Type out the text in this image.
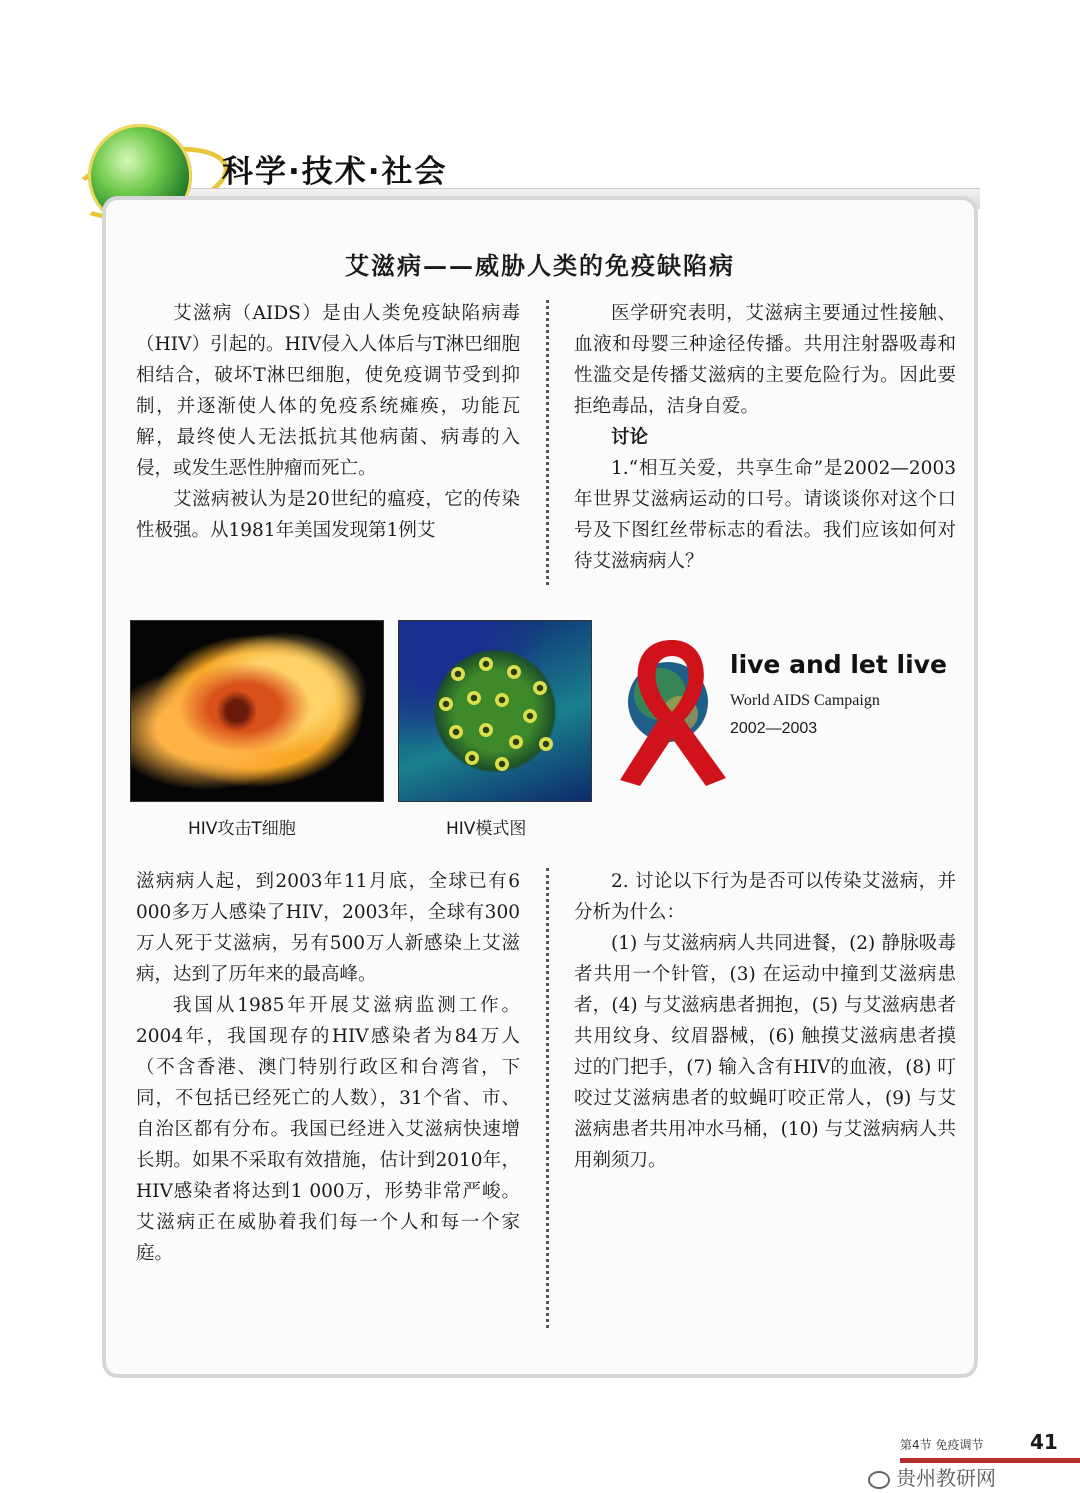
科学·技术·社会
艾滋病——威胁人类的免疫缺陷病

艾滋病（AIDS）是由人类免疫缺陷病毒（HIV）引起的。HIV侵入人体后与T淋巴细胞相结合，破坏T淋巴细胞，使免疫调节受到抑制，并逐渐使人体的免疫系统瘫痪，功能瓦解，最终使人无法抵抗其他病菌、病毒的入侵，或发生恶性肿瘤而死亡。

艾滋病被认为是20世纪的瘟疫，它的传染性极强。从1981年美国发现第1例艾

医学研究表明，艾滋病主要通过性接触、血液和母婴三种途径传播。共用注射器吸毒和性滥交是传播艾滋病的主要危险行为。因此要拒绝毒品，洁身自爱。

讨论

1.“相互关爱，共享生命”是2002—2003年世界艾滋病运动的口号。请谈谈你对这个口号及下图红丝带标志的看法。我们应该如何对待艾滋病病人？

HIV攻击T细胞	HIV模式图
live and let live
World AIDS Campaign
2002—2003

滋病病人起，到2003年11月底，全球已有6 000多万人感染了HIV，2003年，全球有300万人死于艾滋病，另有500万人新感染上艾滋病，达到了历年来的最高峰。

我国从1985年开展艾滋病监测工作。2004年，我国现存的HIV感染者为84万人（不含香港、澳门特别行政区和台湾省，下同，不包括已经死亡的人数），31个省、市、自治区都有分布。我国已经进入艾滋病快速增长期。如果不采取有效措施，估计到2010年，HIV感染者将达到1 000万，形势非常严峻。艾滋病正在威胁着我们每一个人和每一个家庭。

2. 讨论以下行为是否可以传染艾滋病，并分析为什么：

(1) 与艾滋病病人共同进餐，(2) 静脉吸毒者共用一个针管，(3) 在运动中撞到艾滋病患者，(4) 与艾滋病患者拥抱，(5) 与艾滋病患者共用纹身、纹眉器械，(6) 触摸艾滋病患者摸过的门把手，(7) 输入含有HIV的血液，(8) 叮咬过艾滋病患者的蚊蝇叮咬正常人，(9) 与艾滋病患者共用冲水马桶，(10) 与艾滋病病人共用剃须刀。

第4节 免疫调节 41
贵州教研网
